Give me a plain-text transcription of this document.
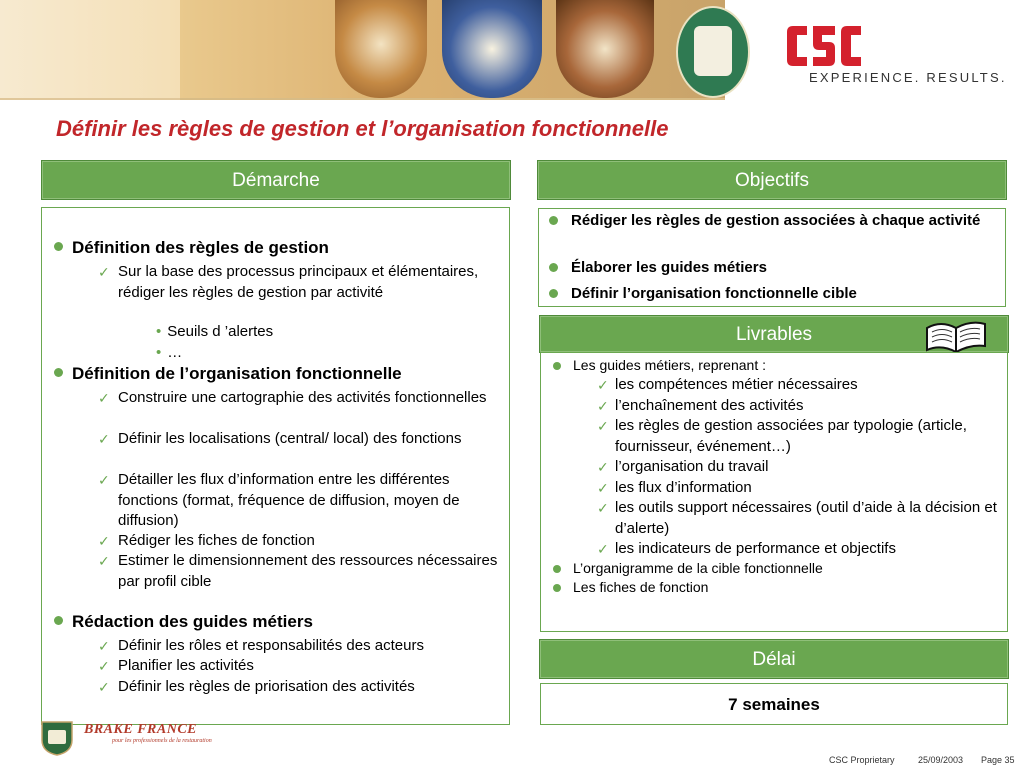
EXPERIENCE. RESULTS.
Définir les règles de gestion et l’organisation fonctionnelle
Démarche
Définition des règles de gestion
✓ Sur la base des processus principaux et élémentaires, rédiger les règles de gestion par activité
• Seuils d ’alertes
• …
Définition de l’organisation fonctionnelle
✓ Construire une cartographie des activités fonctionnelles
✓ Définir les localisations (central/ local) des fonctions
✓ Détailler les flux d’information entre les différentes fonctions (format, fréquence de diffusion, moyen de diffusion)
✓ Rédiger les fiches de fonction
✓ Estimer le dimensionnement des ressources nécessaires par profil cible
Rédaction des guides métiers
✓ Définir les rôles et responsabilités des acteurs
✓ Planifier les activités
✓ Définir les règles de priorisation des activités
Objectifs
Rédiger les règles de gestion associées à chaque activité
Élaborer les guides métiers
Définir l’organisation fonctionnelle cible
Livrables
Les guides métiers, reprenant :
✓ les compétences métier nécessaires
✓ l’enchaînement des activités
✓ les règles de gestion associées par typologie (article, fournisseur, événement…)
✓ l’organisation du travail
✓ les flux d’information
✓ les outils support nécessaires (outil d’aide à la décision et d’alerte)
✓ les indicateurs de performance et objectifs
L’organigramme de la cible fonctionnelle
Les fiches de fonction
Délai
7 semaines
BRAKE FRANCE
pour les professionnels de la restauration
CSC Proprietary	25/09/2003 Page 35
